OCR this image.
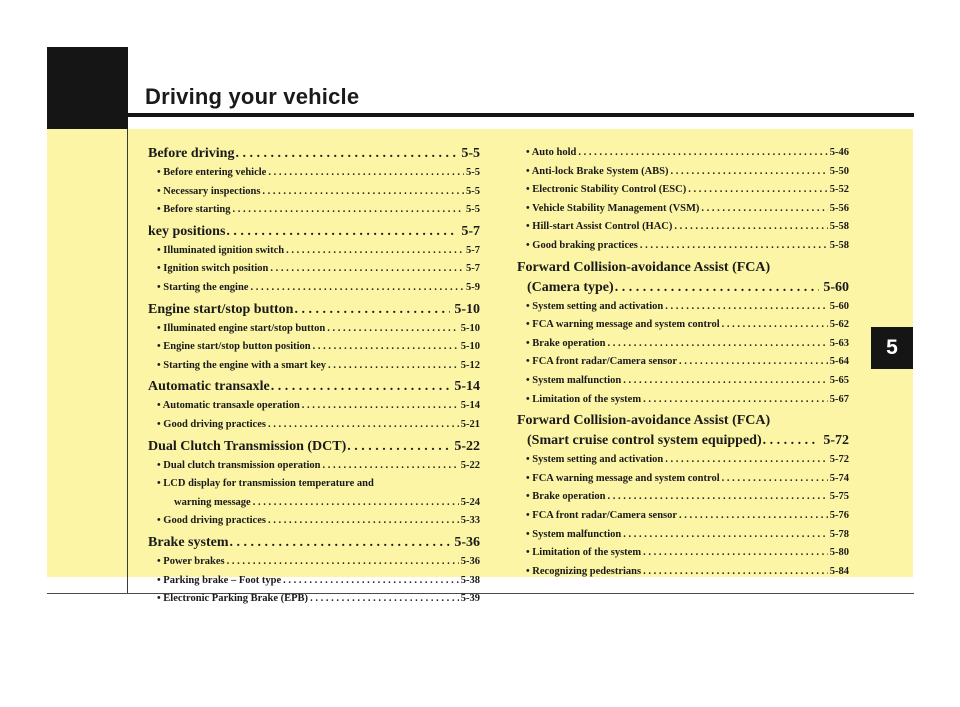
Driving your vehicle
5
Before driving . . .	5-5
• Before entering vehicle . . .	5-5
• Necessary inspections . . .	5-5
• Before starting . . .	5-5
key positions . . .	5-7
• Illuminated ignition switch . . .	5-7
• Ignition switch position . . .	5-7
• Starting the engine . . .	5-9
Engine start/stop button . . .	5-10
• Illuminated engine start/stop button . . .	5-10
• Engine start/stop button position . . .	5-10
• Starting the engine with a smart key . . .	5-12
Automatic transaxle . . .	5-14
• Automatic transaxle operation . . .	5-14
• Good driving practices . . .	5-21
Dual Clutch Transmission (DCT) . . .	5-22
• Dual clutch transmission operation . . .	5-22
• LCD display for transmission temperature and
warning message . . .	5-24
• Good driving practices . . .	5-33
Brake system . . .	5-36
• Power brakes . . .	5-36
• Parking brake – Foot type . . .	5-38
• Electronic Parking Brake (EPB) . . .	5-39
• Auto hold . . .	5-46
• Anti-lock Brake System (ABS) . . .	5-50
• Electronic Stability Control (ESC) . . .	5-52
• Vehicle Stability Management (VSM) . . .	5-56
• Hill-start Assist Control (HAC) . . .	5-58
• Good braking practices . . .	5-58
Forward Collision-avoidance Assist (FCA)
(Camera type) . . .	5-60
• System setting and activation . . .	5-60
• FCA warning message and system control . . .	5-62
• Brake operation . . .	5-63
• FCA front radar/Camera sensor . . .	5-64
• System malfunction . . .	5-65
• Limitation of the system . . .	5-67
Forward Collision-avoidance Assist (FCA)
(Smart cruise control system equipped) . . .	5-72
• System setting and activation . . .	5-72
• FCA warning message and system control . . .	5-74
• Brake operation . . .	5-75
• FCA front radar/Camera sensor . . .	5-76
• System malfunction . . .	5-78
• Limitation of the system . . .	5-80
• Recognizing pedestrians . . .	5-84
